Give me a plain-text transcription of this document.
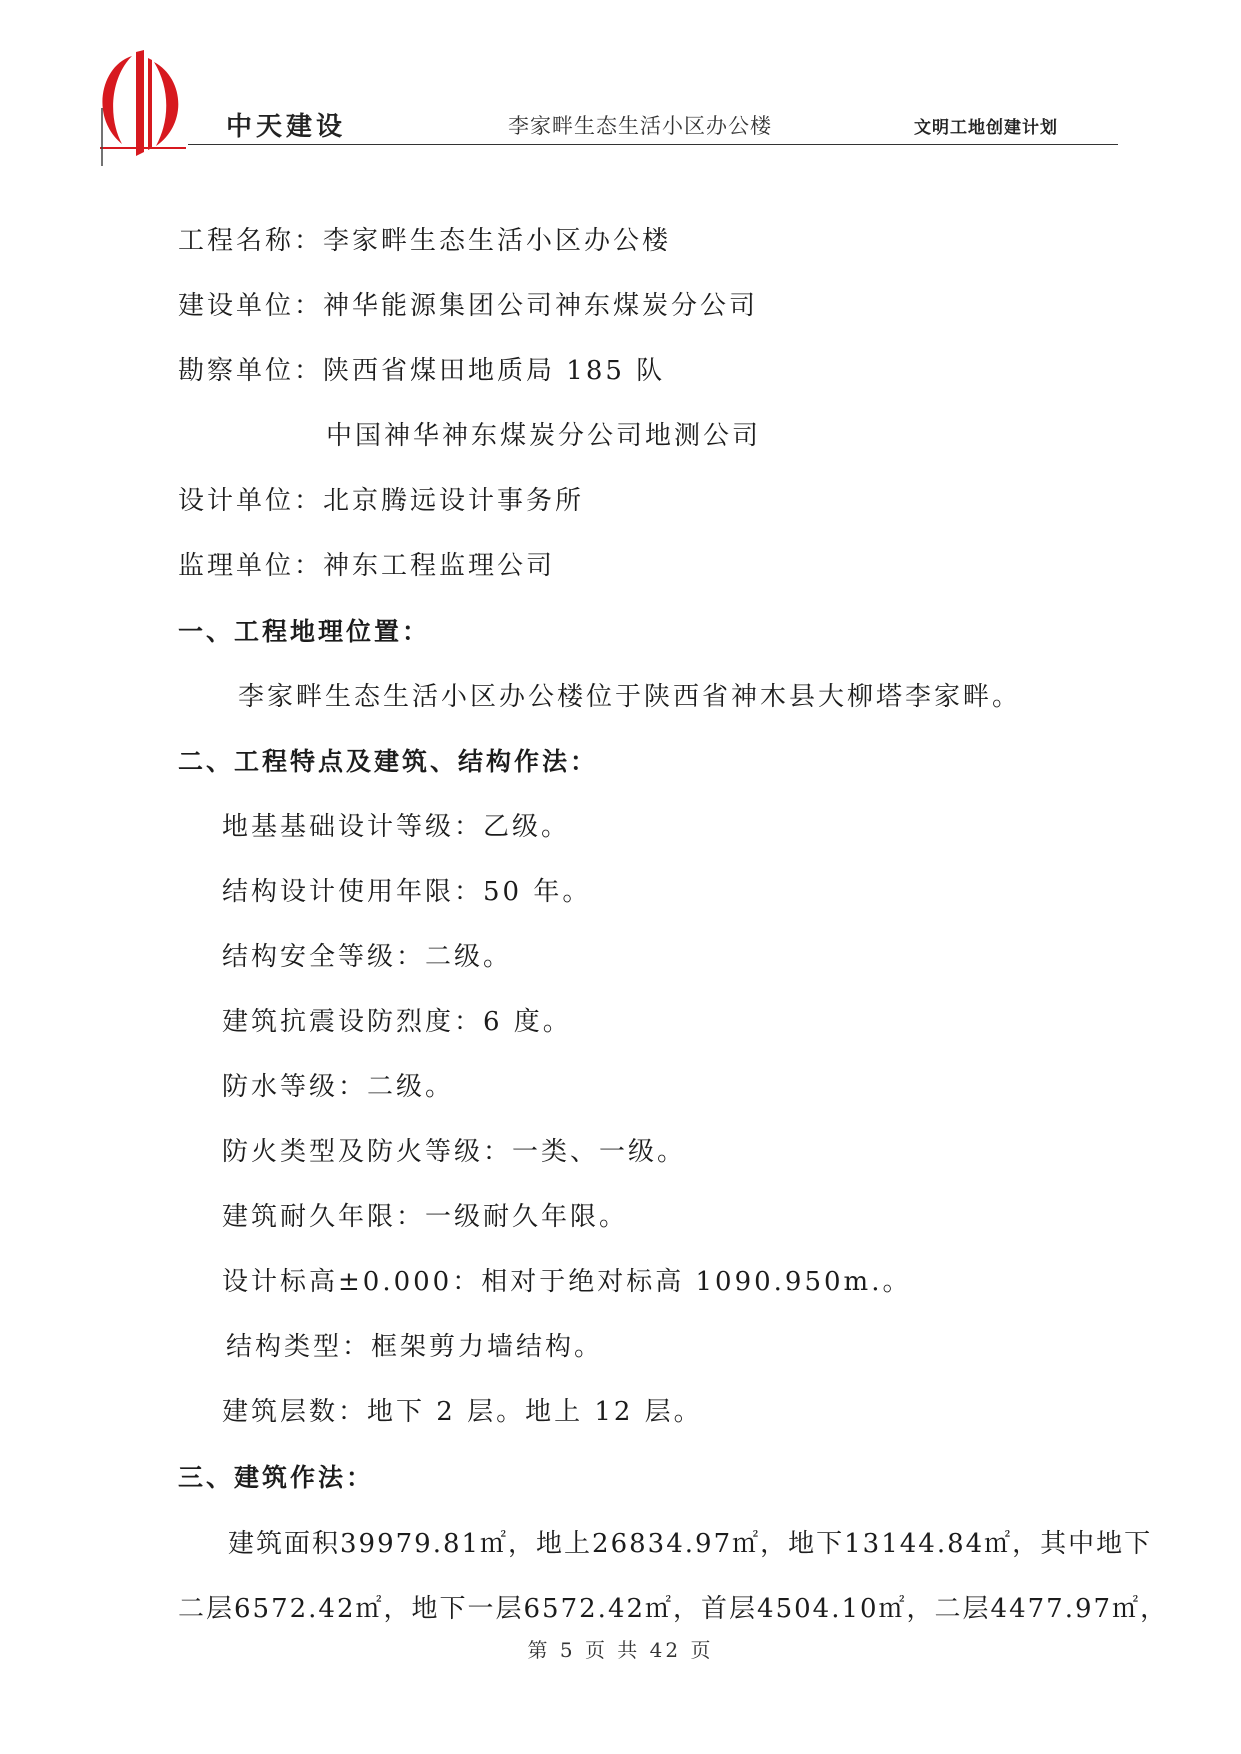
中天建设	李家畔生态生活小区办公楼	文明工地创建计划
工程名称：李家畔生态生活小区办公楼
建设单位：神华能源集团公司神东煤炭分公司
勘察单位：陕西省煤田地质局 185 队
中国神华神东煤炭分公司地测公司
设计单位：北京腾远设计事务所
监理单位：神东工程监理公司
一、工程地理位置：
李家畔生态生活小区办公楼位于陕西省神木县大柳塔李家畔。
二、工程特点及建筑、结构作法：
地基基础设计等级：乙级。
结构设计使用年限：50 年。
结构安全等级：二级。
建筑抗震设防烈度：6 度。
防水等级：二级。
防火类型及防火等级：一类、一级。
建筑耐久年限：一级耐久年限。
设计标高±0.000：相对于绝对标高 1090.950m.。
结构类型：框架剪力墙结构。
建筑层数：地下 2 层。地上 12 层。
三、建筑作法：
建筑面积39979.81㎡，地上26834.97㎡，地下13144.84㎡，其中地下
二层6572.42㎡，地下一层6572.42㎡，首层4504.10㎡，二层4477.97㎡，
第 5 页 共 42 页
